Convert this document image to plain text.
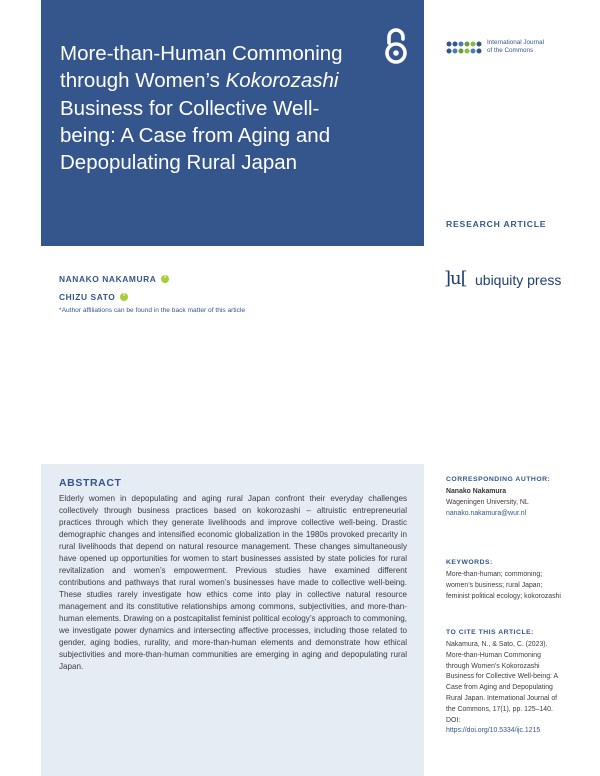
More-than-Human Commoning through Women’s Kokorozashi Business for Collective Well-being: A Case from Aging and Depopulating Rural Japan
International Journal
of the Commons
RESEARCH ARTICLE
]u[ ubiquity press
NANAKO NAKAMURA
i
CHIZU SATO
i
*Author affiliations can be found in the back matter of this article
ABSTRACT
Elderly women in depopulating and aging rural Japan confront their everyday challenges collectively through business practices based on kokorozashi – altruistic entrepreneurial practices through which they generate livelihoods and improve collective well-being. Drastic demographic changes and intensified economic globalization in the 1980s provoked precarity in rural livelihoods that depend on natural resource management. These changes simultaneously have opened up opportunities for women to start businesses assisted by state policies for rural revitalization and women’s empowerment. Previous studies have examined different contributions and pathways that rural women’s businesses have made to collective well-being. These studies rarely investigate how ethics come into play in collective natural resource management and its constitutive relationships among commons, subjectivities, and more-than-human elements. Drawing on a postcapitalist feminist political ecology’s approach to commoning, we investigate power dynamics and intersecting affective processes, including those related to gender, aging bodies, rurality, and more-than-human elements and demonstrate how ethical subjectivities and more-than-human communities are emerging in aging and depopulating rural Japan.
CORRESPONDING AUTHOR:
Nanako Nakamura
Wageningen University, NL
nanako.nakamura@wur.nl
KEYWORDS:
More-than-human; commoning; women’s business; rural Japan; feminist political ecology; kokorozashi
TO CITE THIS ARTICLE:
Nakamura, N., & Sato, C. (2023). More-than-Human Commoning through Women’s Kokorozashi Business for Collective Well-being: A Case from Aging and Depopulating Rural Japan. International Journal of the Commons, 17(1), pp. 125–140. DOI:
https://doi.org/10.5334/ijc.1215
